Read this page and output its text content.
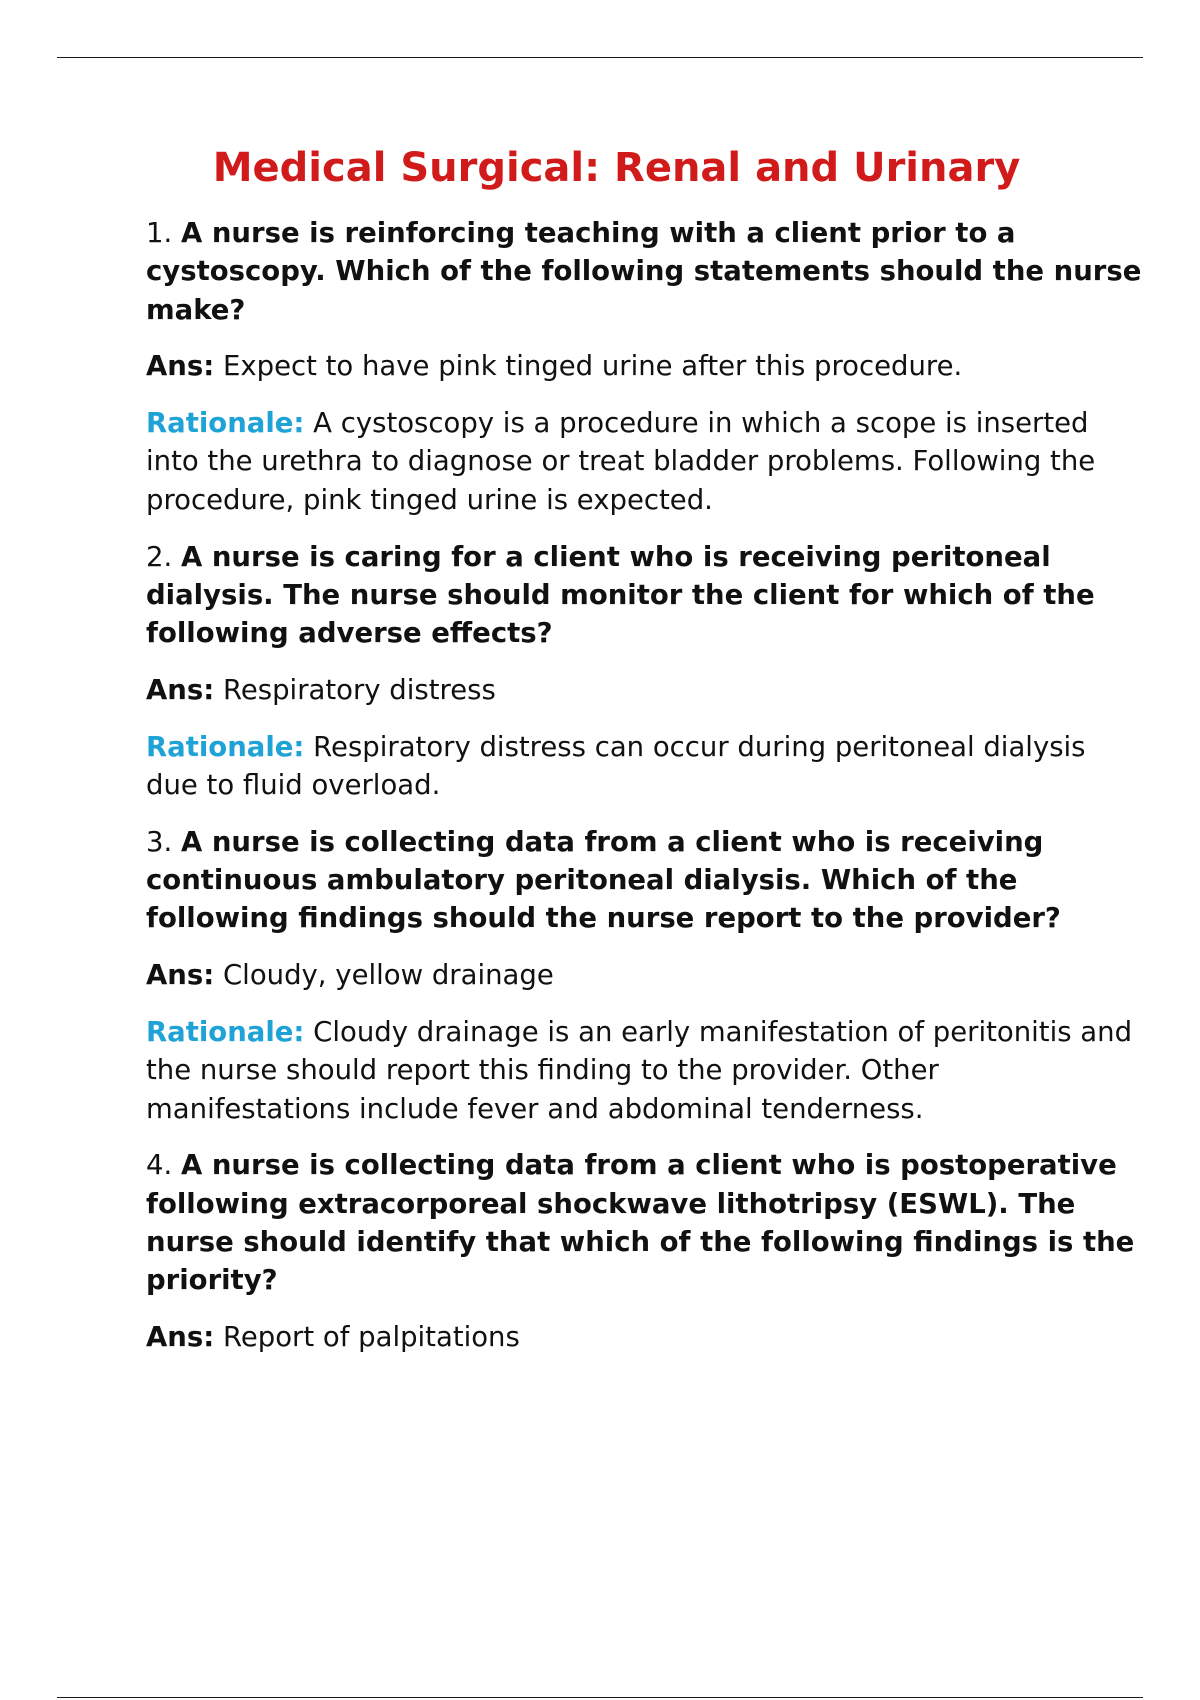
Medical Surgical: Renal and Urinary

1. A nurse is reinforcing teaching with a client prior to a cystoscopy. Which of the following statements should the nurse make?

Ans: Expect to have pink tinged urine after this procedure.

Rationale: A cystoscopy is a procedure in which a scope is inserted into the urethra to diagnose or treat bladder problems. Following the procedure, pink tinged urine is expected.

2. A nurse is caring for a client who is receiving peritoneal dialysis. The nurse should monitor the client for which of the following adverse effects?

Ans: Respiratory distress

Rationale: Respiratory distress can occur during peritoneal dialysis due to fluid overload.

3. A nurse is collecting data from a client who is receiving continuous ambulatory peritoneal dialysis. Which of the following findings should the nurse report to the provider?

Ans: Cloudy, yellow drainage

Rationale: Cloudy drainage is an early manifestation of peritonitis and the nurse should report this finding to the provider. Other manifestations include fever and abdominal tenderness.

4. A nurse is collecting data from a client who is postoperative following extracorporeal shockwave lithotripsy (ESWL). The nurse should identify that which of the following findings is the priority?

Ans: Report of palpitations
